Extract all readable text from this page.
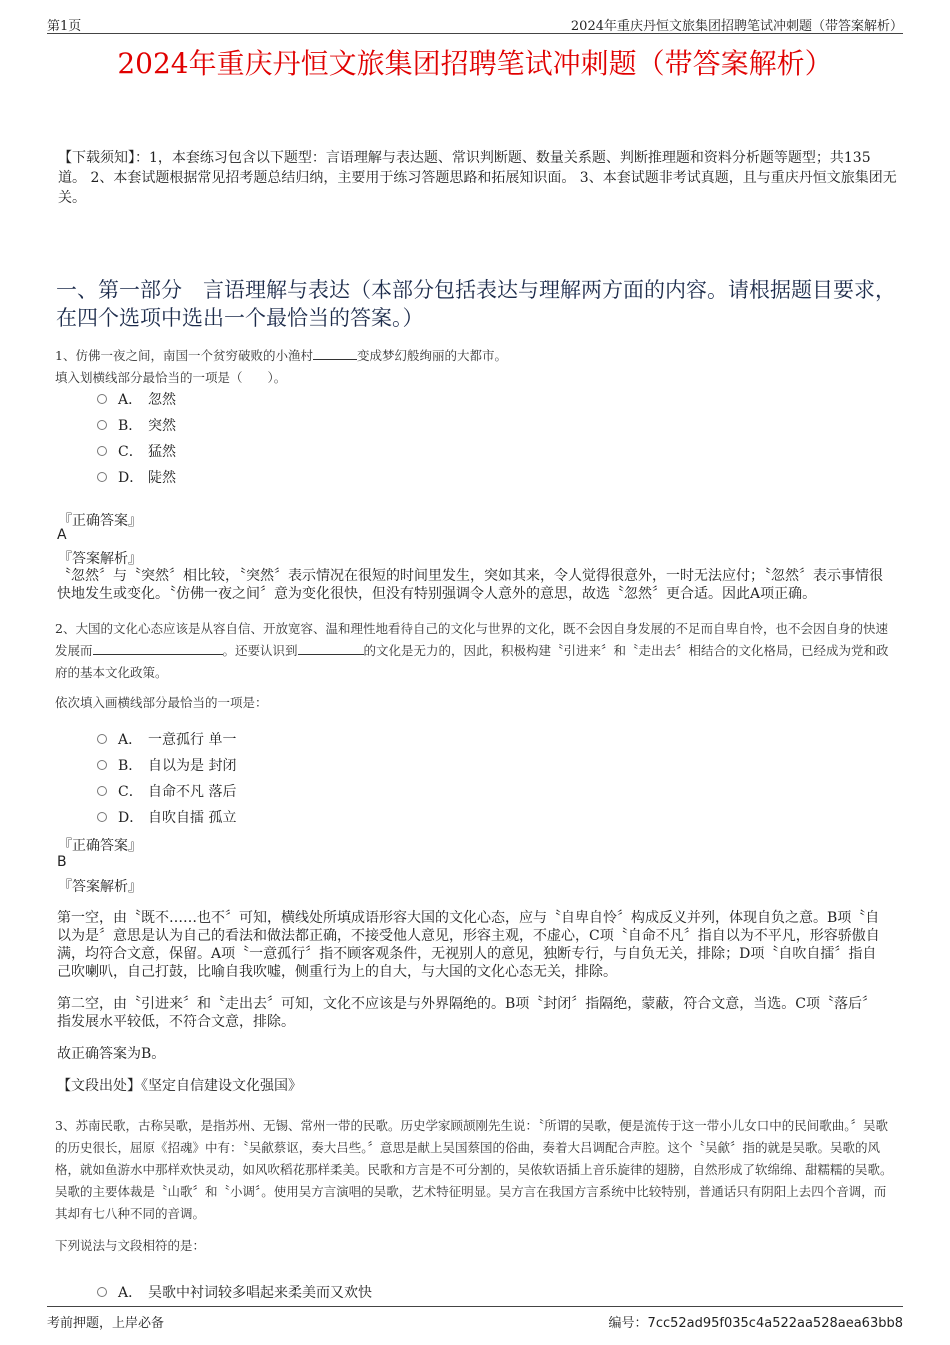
第1页	2024年重庆丹恒文旅集团招聘笔试冲刺题（带答案解析）
2024年重庆丹恒文旅集团招聘笔试冲刺题（带答案解析）
【下载须知】：1，本套练习包含以下题型：言语理解与表达题、常识判断题、数量关系题、判断推理题和资料分析题等题型；共135道。 2、本套试题根据常见招考题总结归纳，主要用于练习答题思路和拓展知识面。 3、本套试题非考试真题，且与重庆丹恒文旅集团无关。
一、第一部分　言语理解与表达（本部分包括表达与理解两方面的内容。请根据题目要求，在四个选项中选出一个最恰当的答案。）
1、仿佛一夜之间，南国一个贫穷破败的小渔村	变成梦幻般绚丽的大都市。
填入划横线部分最恰当的一项是（　　）。
A． 忽然
B． 突然
C． 猛然
D． 陡然
『正确答案』
A
『答案解析』
〝忽然〞与〝突然〞相比较，〝突然〞表示情况在很短的时间里发生，突如其来，令人觉得很意外，一时无法应付；〝忽然〞表示事情很快地发生或变化。〝仿佛一夜之间〞意为变化很快，但没有特别强调令人意外的意思，故选〝忽然〞更合适。因此A项正确。
2、大国的文化心态应该是从容自信、开放宽容、温和理性地看待自己的文化与世界的文化，既不会因自身发展的不足而自卑自怜，也不会因自身的快速发展而	。还要认识到	的文化是无力的，因此，积极构建〝引进来〞和〝走出去〞相结合的文化格局，已经成为党和政府的基本文化政策。
依次填入画横线部分最恰当的一项是：
A． 一意孤行 单一
B． 自以为是 封闭
C． 自命不凡 落后
D． 自吹自擂 孤立
『正确答案』
B
『答案解析』

第一空，由〝既不……也不〞可知，横线处所填成语形容大国的文化心态，应与〝自卑自怜〞构成反义并列，体现自负之意。B项〝自以为是〞意思是认为自己的看法和做法都正确，不接受他人意见，形容主观，不虚心，C项〝自命不凡〞指自以为不平凡，形容骄傲自满，均符合文意，保留。A项〝一意孤行〞指不顾客观条件，无视别人的意见，独断专行，与自负无关，排除；D项〝自吹自擂〞指自己吹喇叭，自己打鼓，比喻自我吹嘘，侧重行为上的自大，与大国的文化心态无关，排除。

第二空，由〝引进来〞和〝走出去〞可知，文化不应该是与外界隔绝的。B项〝封闭〞指隔绝，蒙蔽，符合文意，当选。C项〝落后〞指发展水平较低，不符合文意，排除。

故正确答案为B。

【文段出处】《坚定自信建设文化强国》

3、苏南民歌，古称吴歌，是指苏州、无锡、常州一带的民歌。历史学家顾颉刚先生说：〝所谓的吴歌，便是流传于这一带小儿女口中的民间歌曲。〞吴歌的历史很长，屈原《招魂》中有：〝吴歈蔡讴，奏大吕些。〞意思是献上吴国蔡国的俗曲，奏着大吕调配合声腔。这个〝吴歈〞指的就是吴歌。吴歌的风格，就如鱼游水中那样欢快灵动，如风吹稻花那样柔美。民歌和方言是不可分割的，吴侬软语插上音乐旋律的翅膀，自然形成了软绵绵、甜糯糯的吴歌。吴歌的主要体裁是〝山歌〞和〝小调〞。使用吴方言演唱的吴歌，艺术特征明显。吴方言在我国方言系统中比较特别，普通话只有阴阳上去四个音调，而其却有七八种不同的音调。
下列说法与文段相符的是：
A． 吴歌中衬词较多唱起来柔美而又欢快
考前押题，上岸必备	编号：7cc52ad95f035c4a522aa528aea63bb8
